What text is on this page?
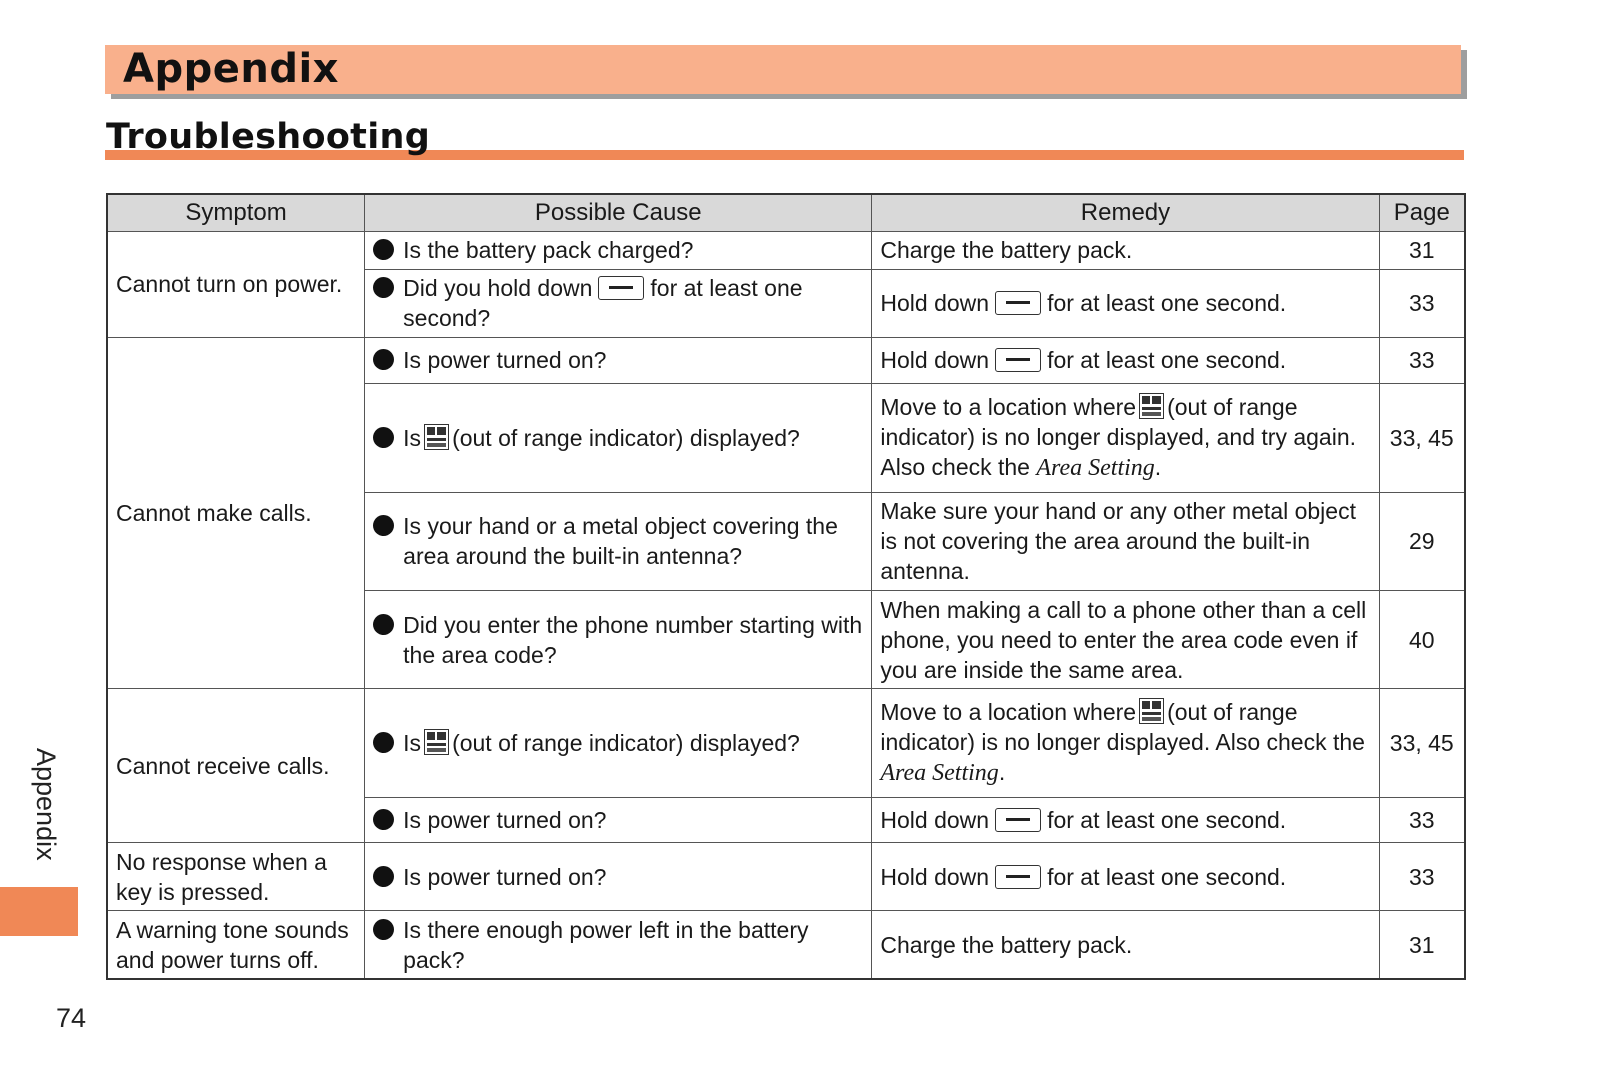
Appendix
Troubleshooting
Symptom	Possible Cause	Remedy	Page
Cannot turn on power.	Is the battery pack charged?	Charge the battery pack.	31

	Did you hold down for at least one second?	Hold down for at least one second.	33
Cannot make calls.	Is power turned on?	Hold down for at least one second.	33

	Is (out of range indicator) displayed?	Move to a location where (out of range indicator) is no longer displayed, and try again. Also check the Area Setting.	33, 45

	Is your hand or a metal object covering the area around the built-in antenna?	Make sure your hand or any other metal object is not covering the area around the built-in antenna.	29

	Did you enter the phone number starting with the area code?	When making a call to a phone other than a cell phone, you need to enter the area code even if you are inside the same area.	40
Cannot receive calls.	Is (out of range indicator) displayed?	Move to a location where (out of range indicator) is no longer displayed. Also check the Area Setting.	33, 45

	Is power turned on?	Hold down for at least one second.	33
No response when a key is pressed.	Is power turned on?	Hold down for at least one second.	33
A warning tone sounds and power turns off.	Is there enough power left in the battery pack?	Charge the battery pack.	31
Appendix
74
